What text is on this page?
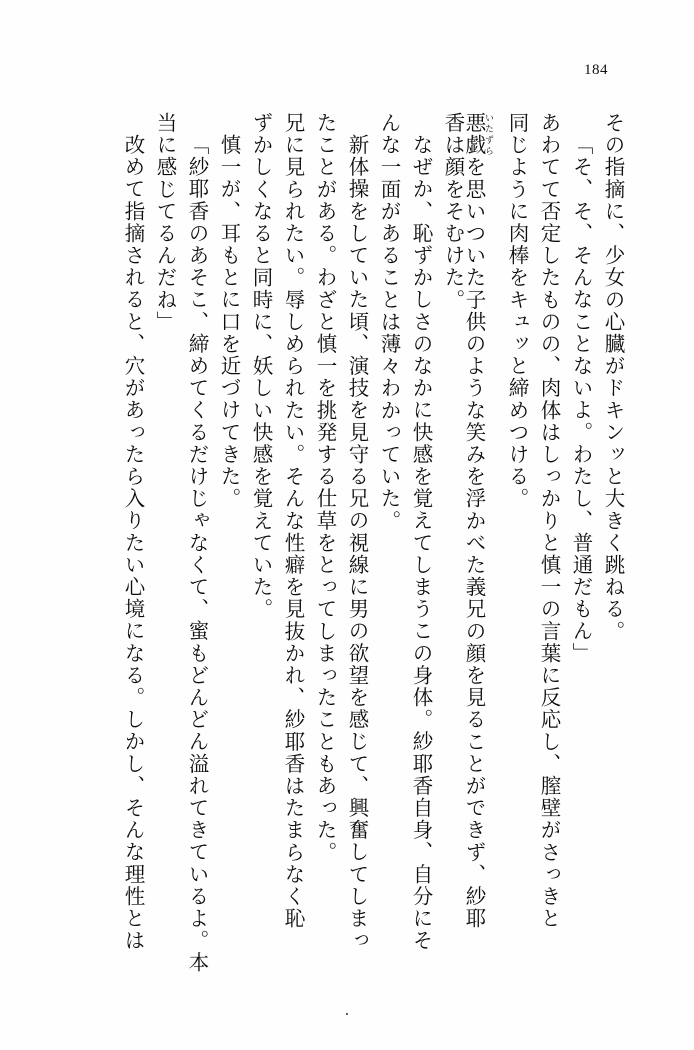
184
その指摘に、少女の心臓がドキンッと大きく跳ねる。
「そ、そ、そんなことないよ。わたし、普通だもん」
あわてて否定したものの、肉体はしっかりと慎一の言葉に反応し、膣壁がさっきと
同じように肉棒をキュッと締めつける。
悪戯 いたずらを思いついた子供のような笑みを浮かべた義兄の顔を見ることができず、紗耶
香は顔をそむけた。
なぜか、恥ずかしさのなかに快感を覚えてしまうこの身体。紗耶香自身、自分にそ
んな一面があることは薄々わかっていた。
新体操をしていた頃、演技を見守る兄の視線に男の欲望を感じて、興奮してしまっ
たことがある。わざと慎一を挑発する仕草をとってしまったこともあった。
兄に見られたい。辱しめられたい。そんな性癖を見抜かれ、紗耶香はたまらなく恥
ずかしくなると同時に、妖しい快感を覚えていた。
慎一が、耳もとに口を近づけてきた。
「紗耶香のあそこ、締めてくるだけじゃなくて、蜜もどんどん溢れてきているよ。本
当に感じてるんだね」
改めて指摘されると、穴があったら入りたい心境になる。しかし、そんな理性とは
・
